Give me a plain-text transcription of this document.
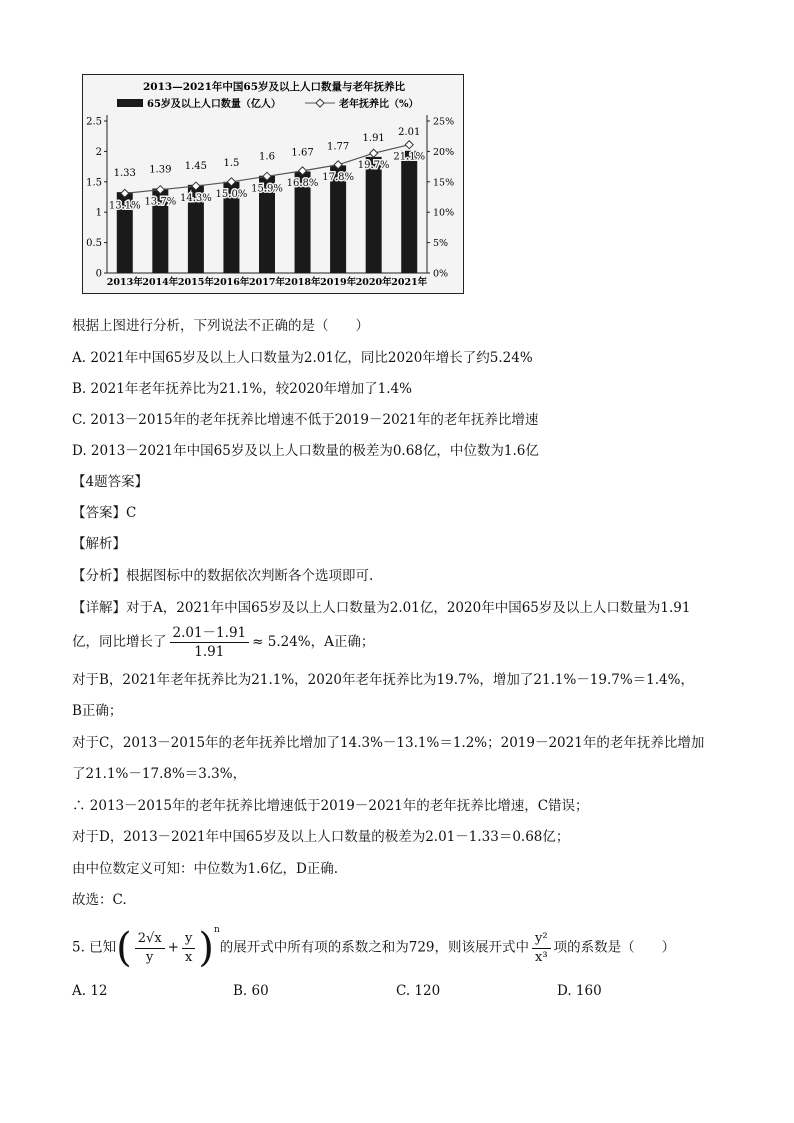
2013—2021年中国65岁及以上人口数量与老年抚养比
65岁及以上人口数量（亿人）	老年抚养比（%）
0
0.5
1
1.5
2
2.5
0%
5%
10%
15%
20%
25%
1.33
2013年
1.39
2014年
1.45
2015年
1.5
2016年
1.6
2017年
1.67
2018年
1.77
2019年
1.91
2020年
2.01
2021年
13.1% 13.7% 14.3% 15.0% 15.9% 16.8%
17.8%
19.7%
21.1%
根据上图进行分析，下列说法不正确的是（　　）
A. 2021年中国65岁及以上人口数量为2.01亿，同比2020年增长了约5.24%
B. 2021年老年抚养比为21.1%，较2020年增加了1.4%
C. 2013－2015年的老年抚养比增速不低于2019－2021年的老年抚养比增速
D. 2013－2021年中国65岁及以上人口数量的极差为0.68亿，中位数为1.6亿
【4题答案】
【答案】C
【解析】
【分析】根据图标中的数据依次判断各个选项即可.
【详解】对于A，2021年中国65岁及以上人口数量为2.01亿，2020年中国65岁及以上人口数量为1.91
亿，同比增长了 $\frac{2.01-1.91}{1.91} \approx 5.24\%$，A正确；
对于B，2021年老年抚养比为21.1%，2020年老年抚养比为19.7%，增加了21.1%－19.7%＝1.4%，
B正确；
对于C，2013－2015年的老年抚养比增加了14.3%－13.1%＝1.2%；2019－2021年的老年抚养比增加
了21.1%－17.8%＝3.3%，
∴ 2013－2015年的老年抚养比增速低于2019－2021年的老年抚养比增速，C错误；
对于D，2013－2021年中国65岁及以上人口数量的极差为2.01－1.33＝0.68亿；
由中位数定义可知：中位数为1.6亿，D正确.
故选：C.
5. 已知( $\frac{2√x}{y} + \frac{y}{x} )^n$的展开式中所有项的系数之和为729，则该展开式中 $\frac{\text{y²}}{\text{x³}}$ 项的系数是（　　）
A. 12	B. 60	C. 120	D. 160
